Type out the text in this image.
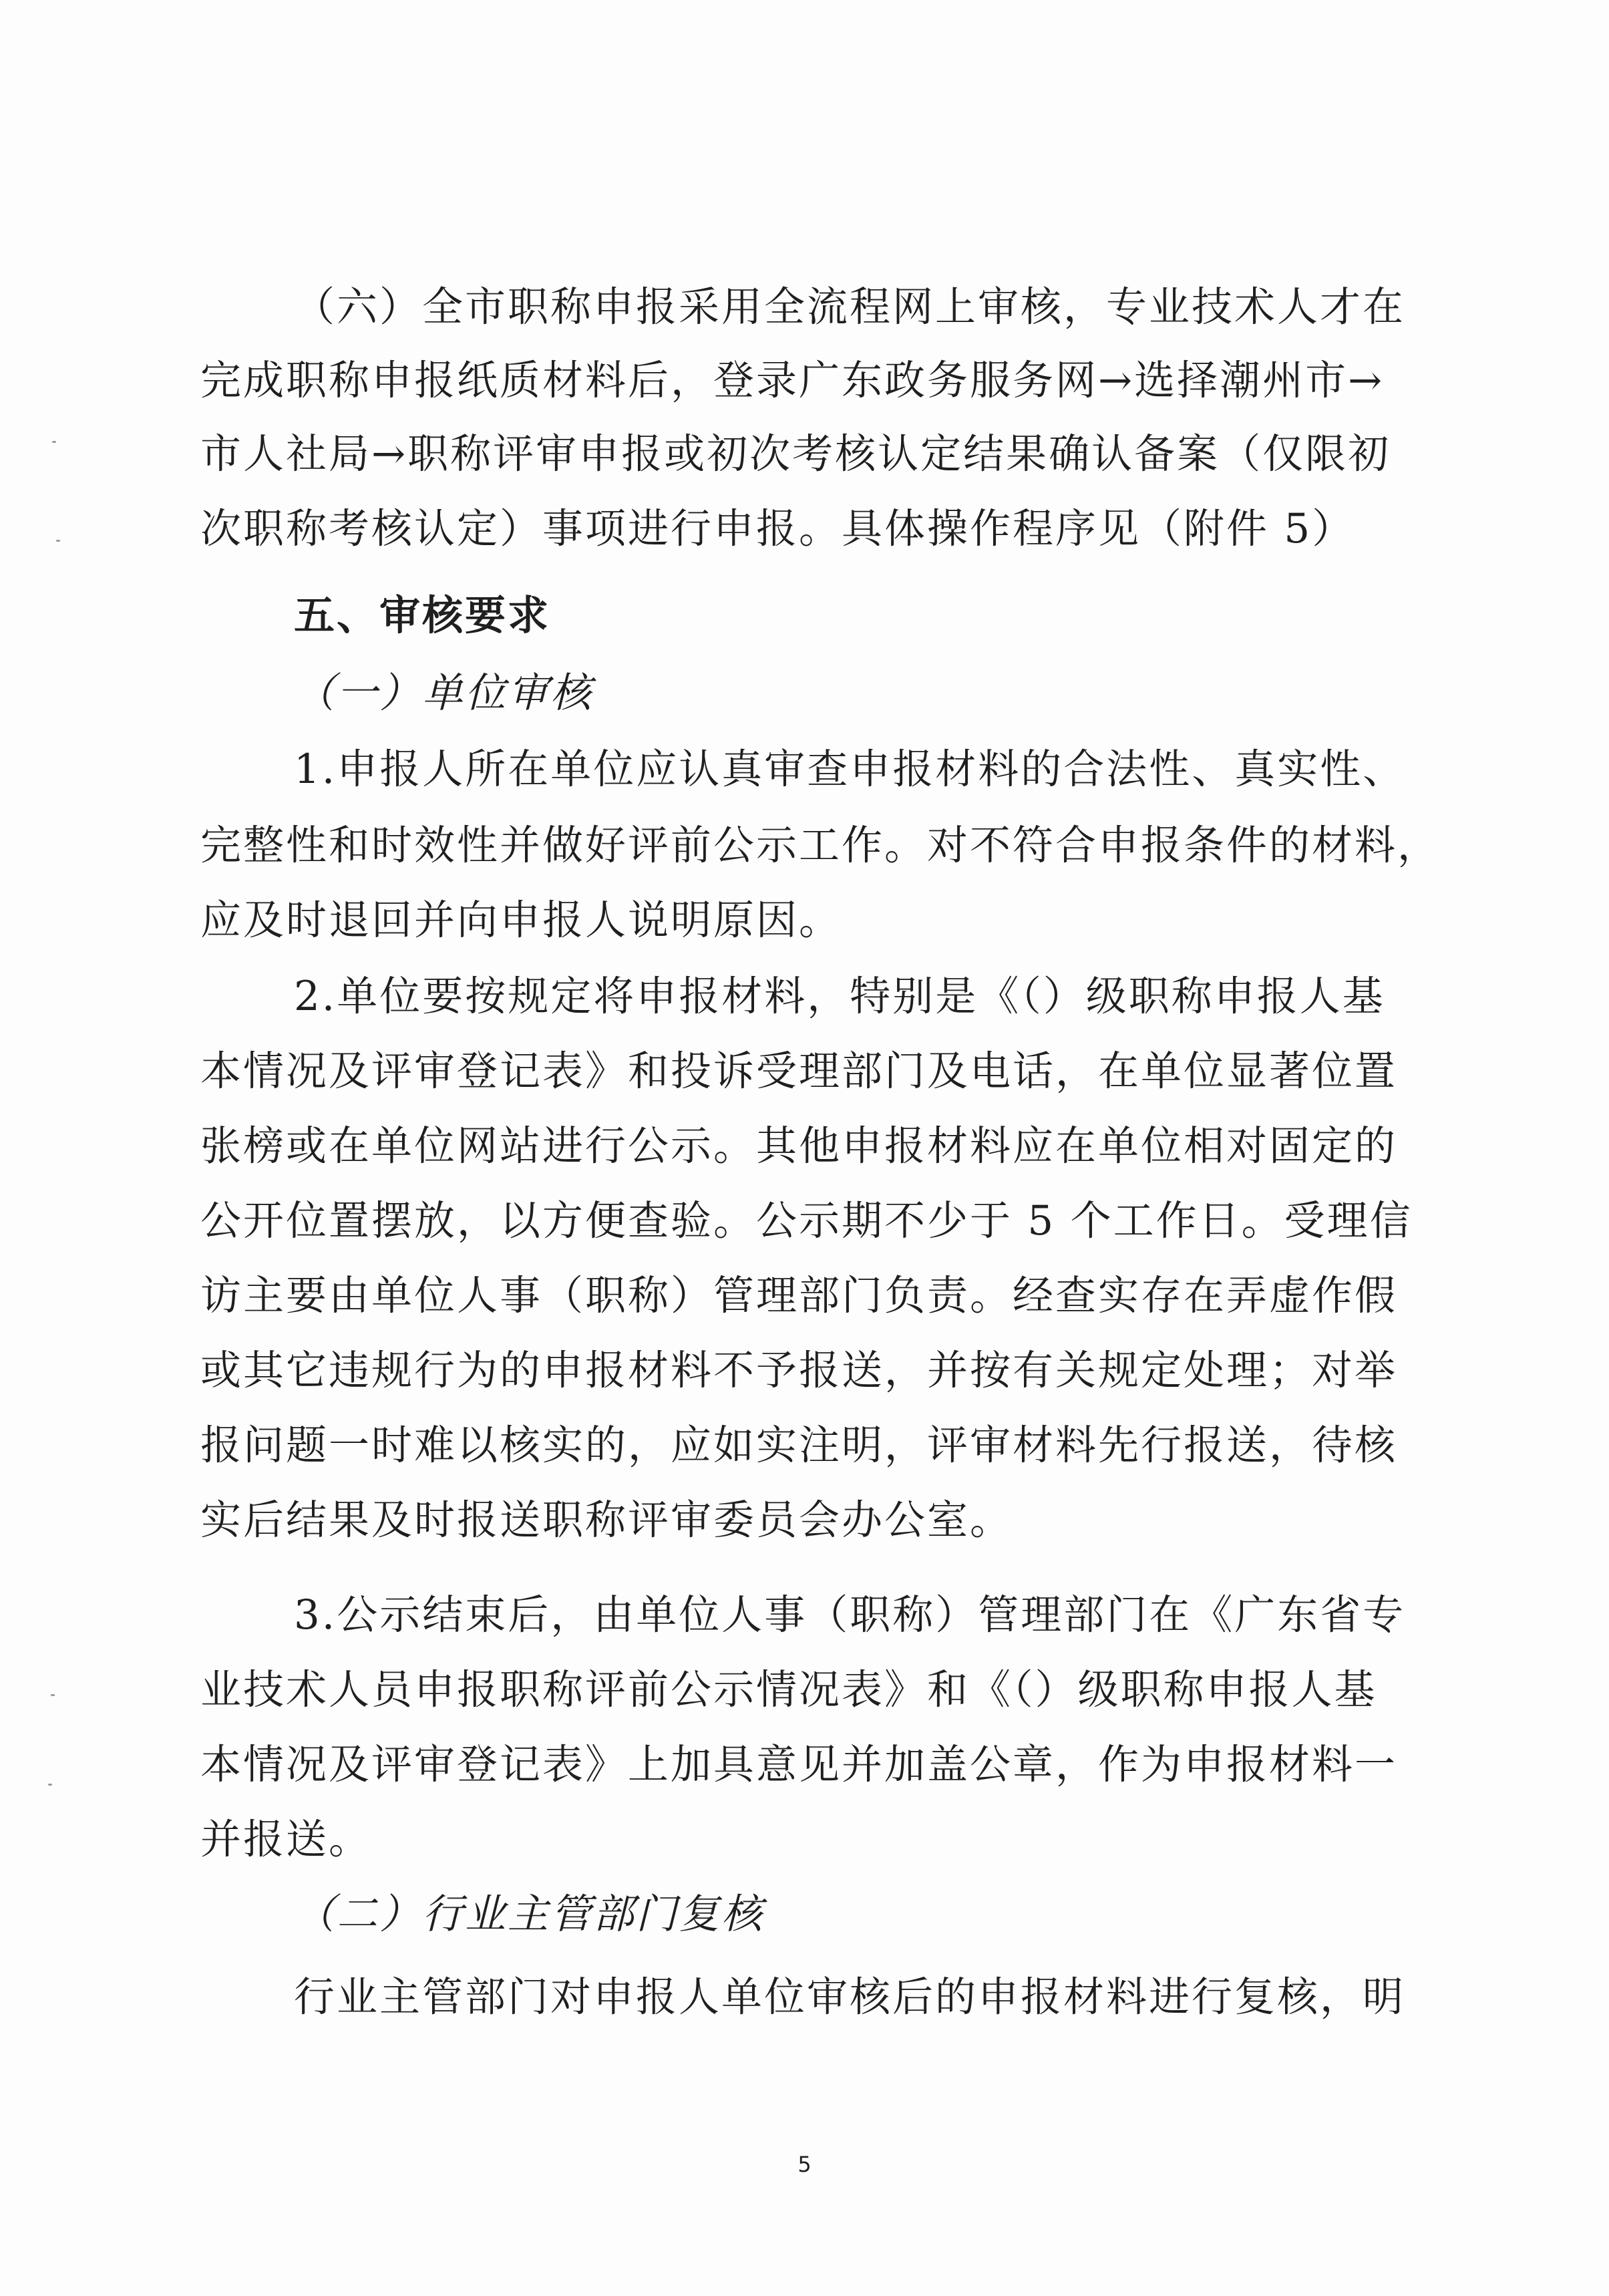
（六）全市职称申报采用全流程网上审核，专业技术人才在
完成职称申报纸质材料后，登录广东政务服务网→选择潮州市→
市人社局→职称评审申报或初次考核认定结果确认备案（仅限初
次职称考核认定）事项进行申报。具体操作程序见（附件 5）
五、审核要求
（一）单位审核
1.申报人所在单位应认真审查申报材料的合法性、真实性、
完整性和时效性并做好评前公示工作。对不符合申报条件的材料，
应及时退回并向申报人说明原因。
2.单位要按规定将申报材料，特别是《（）级职称申报人基
本情况及评审登记表》和投诉受理部门及电话，在单位显著位置
张榜或在单位网站进行公示。其他申报材料应在单位相对固定的
公开位置摆放，以方便查验。公示期不少于 5 个工作日。受理信
访主要由单位人事（职称）管理部门负责。经查实存在弄虚作假
或其它违规行为的申报材料不予报送，并按有关规定处理；对举
报问题一时难以核实的，应如实注明，评审材料先行报送，待核
实后结果及时报送职称评审委员会办公室。
3.公示结束后，由单位人事（职称）管理部门在《广东省专
业技术人员申报职称评前公示情况表》和《（）级职称申报人基
本情况及评审登记表》上加具意见并加盖公章，作为申报材料一
并报送。
（二）行业主管部门复核
行业主管部门对申报人单位审核后的申报材料进行复核，明
5
